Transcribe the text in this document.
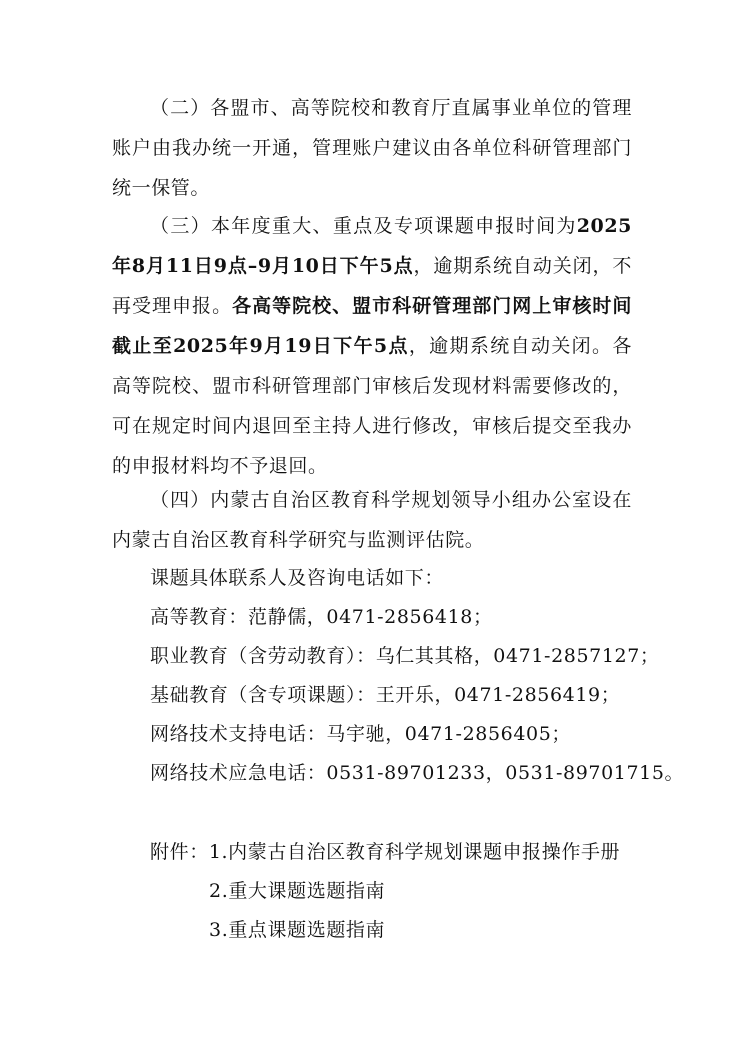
（二）各盟市、高等院校和教育厅直属事业单位的管理账户由我办统一开通，管理账户建议由各单位科研管理部门统一保管。

（三）本年度重大、重点及专项课题申报时间为2025年8月11日9点–9月10日下午5点，逾期系统自动关闭，不再受理申报。各高等院校、盟市科研管理部门网上审核时间截止至2025年9月19日下午5点，逾期系统自动关闭。各高等院校、盟市科研管理部门审核后发现材料需要修改的，可在规定时间内退回至主持人进行修改，审核后提交至我办的申报材料均不予退回。

（四）内蒙古自治区教育科学规划领导小组办公室设在内蒙古自治区教育科学研究与监测评估院。

课题具体联系人及咨询电话如下：
高等教育：范静儒，0471-2856418；
职业教育（含劳动教育）：乌仁其其格，0471-2857127；
基础教育（含专项课题）：王开乐，0471-2856419；
网络技术支持电话：马宇驰，0471-2856405；
网络技术应急电话：0531-89701233，0531-89701715。
附件：1.内蒙古自治区教育科学规划课题申报操作手册
2.重大课题选题指南
3.重点课题选题指南
